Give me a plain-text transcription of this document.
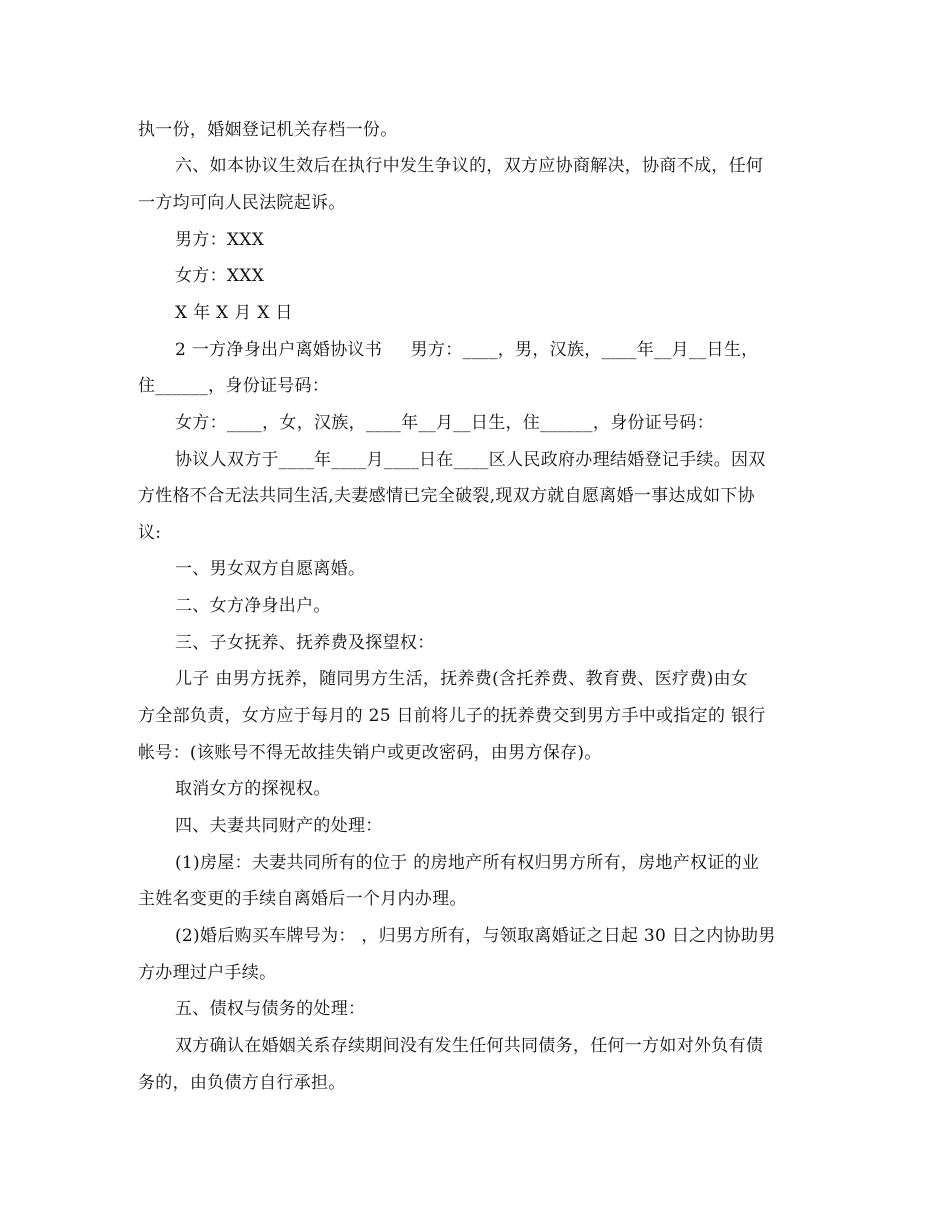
执一份，婚姻登记机关存档一份。
六、如本协议生效后在执行中发生争议的，双方应协商解决，协商不成，任何
一方均可向人民法院起诉。
男方：XXX
女方：XXX
X 年 X 月 X 日
2 一方净身出户离婚协议书     男方：____，男，汉族，____年__月__日生，
住______，身份证号码：
女方：____，女，汉族，____年__月__日生，住______，身份证号码：
协议人双方于____年____月____日在____区人民政府办理结婚登记手续。因双
方性格不合无法共同生活,夫妻感情已完全破裂,现双方就自愿离婚一事达成如下协
议:
一、男女双方自愿离婚。
二、女方净身出户。
三、子女抚养、抚养费及探望权：
儿子 由男方抚养，随同男方生活，抚养费(含托养费、教育费、医疗费)由女
方全部负责，女方应于每月的 25 日前将儿子的抚养费交到男方手中或指定的 银行
帐号：(该账号不得无故挂失销户或更改密码，由男方保存)。
取消女方的探视权。
四、夫妻共同财产的处理：
(1)房屋：夫妻共同所有的位于 的房地产所有权归男方所有，房地产权证的业
主姓名变更的手续自离婚后一个月内办理。
(2)婚后购买车牌号为： ，归男方所有，与领取离婚证之日起 30 日之内协助男
方办理过户手续。
五、债权与债务的处理：
双方确认在婚姻关系存续期间没有发生任何共同债务，任何一方如对外负有债
务的，由负债方自行承担。
